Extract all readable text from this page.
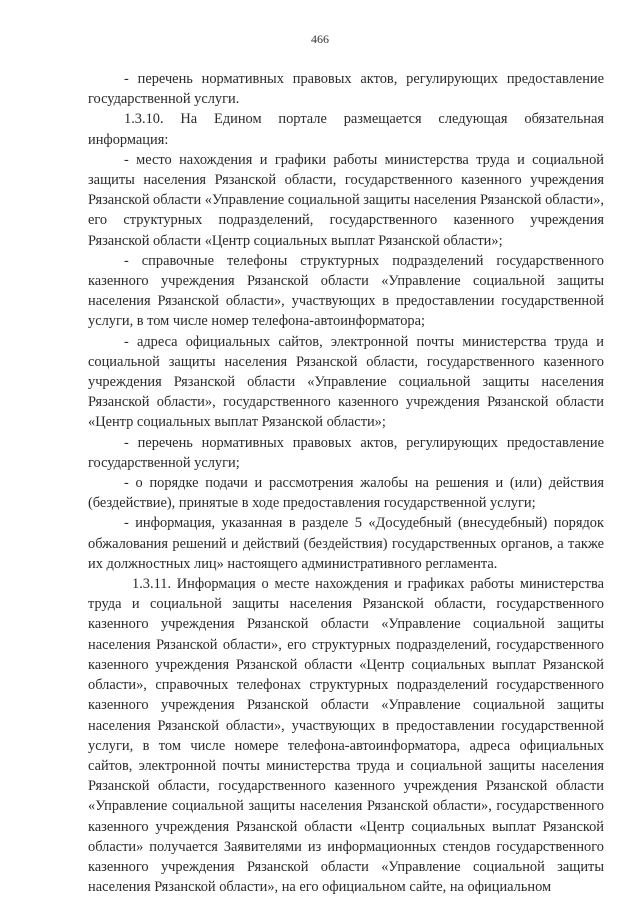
466

- перечень нормативных правовых актов, регулирующих предоставление государственной услуги.

1.3.10. На Едином портале размещается следующая обязательная информация:

- место нахождения и графики работы министерства труда и социальной защиты населения Рязанской области, государственного казенного учреждения Рязанской области «Управление социальной защиты населения Рязанской области», его структурных подразделений, государственного казенного учреждения Рязанской области «Центр социальных выплат Рязанской области»;

- справочные телефоны структурных подразделений государственного казенного учреждения Рязанской области «Управление социальной защиты населения Рязанской области», участвующих в предоставлении государственной услуги, в том числе номер телефона-автоинформатора;

- адреса официальных сайтов, электронной почты министерства труда и социальной защиты населения Рязанской области, государственного казенного учреждения Рязанской области «Управление социальной защиты населения Рязанской области», государственного казенного учреждения Рязанской области «Центр социальных выплат Рязанской области»;

- перечень нормативных правовых актов, регулирующих предоставление государственной услуги;

- о порядке подачи и рассмотрения жалобы на решения и (или) действия (бездействие), принятые в ходе предоставления государственной услуги;

- информация, указанная в разделе 5 «Досудебный (внесудебный) порядок обжалования решений и действий (бездействия) государственных органов, а также их должностных лиц» настоящего административного регламента.

1.3.11. Информация о месте нахождения и графиках работы министерства труда и социальной защиты населения Рязанской области, государственного казенного учреждения Рязанской области «Управление социальной защиты населения Рязанской области», его структурных подразделений, государственного казенного учреждения Рязанской области «Центр социальных выплат Рязанской области», справочных телефонах структурных подразделений государственного казенного учреждения Рязанской области «Управление социальной защиты населения Рязанской области», участвующих в предоставлении государственной услуги, в том числе номере телефона-автоинформатора, адреса официальных сайтов, электронной почты министерства труда и социальной защиты населения Рязанской области, государственного казенного учреждения Рязанской области «Управление социальной защиты населения Рязанской области», государственного казенного учреждения Рязанской области «Центр социальных выплат Рязанской области» получается Заявителями из информационных стендов государственного казенного учреждения Рязанской области «Управление социальной защиты населения Рязанской области», на его официальном сайте, на официальном
